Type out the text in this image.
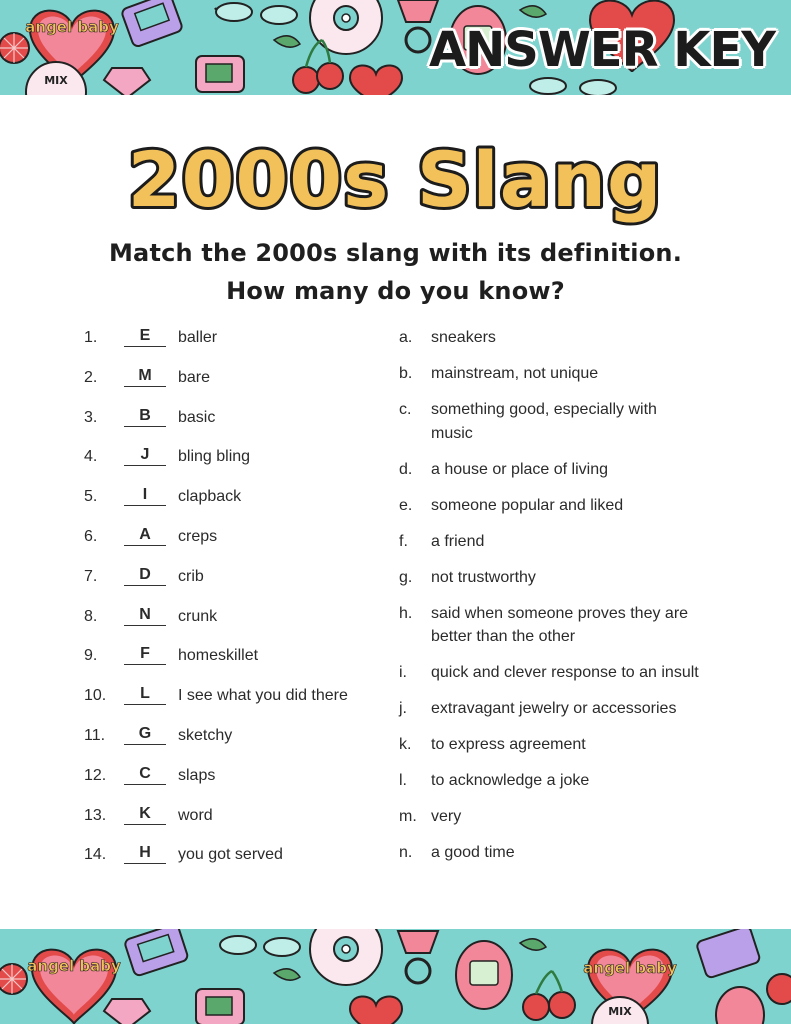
angel baby
MIX
ANSWER KEY
2000s Slang
Match the 2000s slang with its definition.
How many do you know?
1.	E	baller
2.	M	bare
3.	B	basic
4.	J	bling bling
5.	I	clapback
6.	A	creps
7.	D	crib
8.	N	crunk
9.	F	homeskillet
10.	L	I see what you did there
11.	G	sketchy
12.	C	slaps
13.	K	word
14.	H	you got served
a.	sneakers
b.	mainstream, not unique
c.	something good, especially with music
d.	a house or place of living
e.	someone popular and liked
f.	a friend
g.	not trustworthy
h.	said when someone proves they are better than the other
i.	quick and clever response to an insult
j.	extravagant jewelry or accessories
k.	to express agreement
l.	to acknowledge a joke
m. very
n.	a good time
angel baby	angel baby
MIX
